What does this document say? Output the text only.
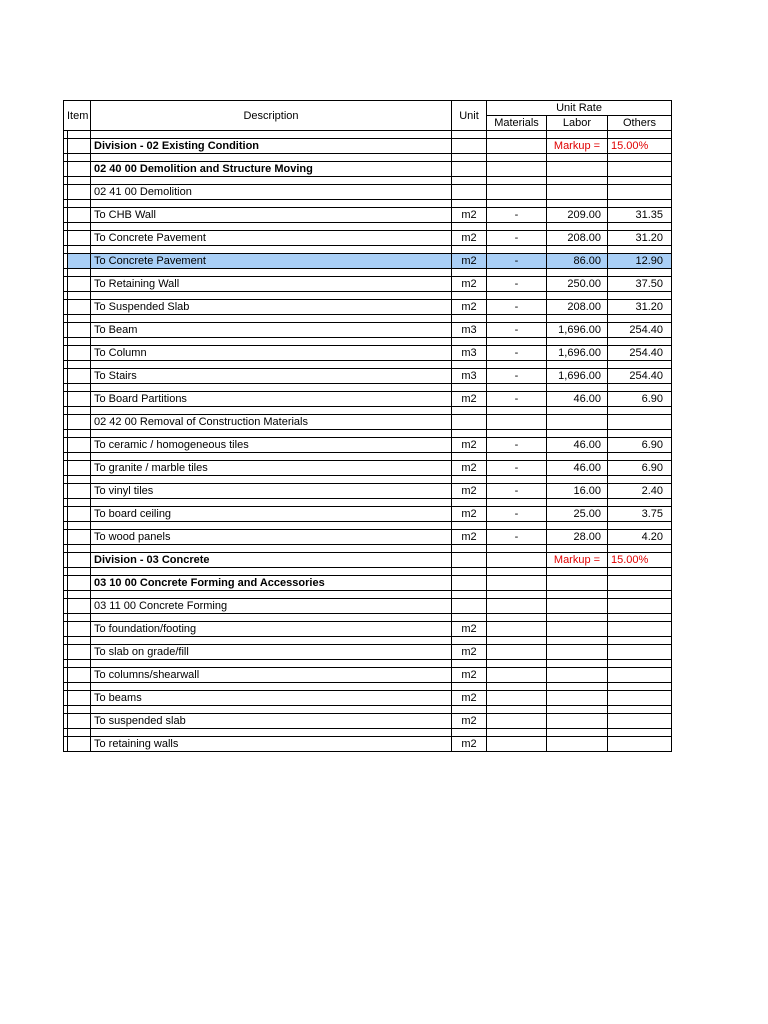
Item	Description	Unit	Unit Rate		
			Materials	Labor	Others

	Division - 02 Existing Condition			Markup =	15.00%

	02 40 00 Demolition and Structure Moving				

	02 41 00 Demolition				

	To CHB Wall	m2	-	209.00	31.35

	To Concrete Pavement	m2	-	208.00	31.20

	To Concrete Pavement	m2	-	86.00	12.90

	To Retaining Wall	m2	-	250.00	37.50

	To Suspended Slab	m2	-	208.00	31.20

	To Beam	m3	-	1,696.00	254.40

	To Column	m3	-	1,696.00	254.40

	To Stairs	m3	-	1,696.00	254.40

	To Board Partitions	m2	-	46.00	6.90

	02 42 00 Removal of Construction Materials				

	To ceramic / homogeneous tiles	m2	-	46.00	6.90

	To granite / marble tiles	m2	-	46.00	6.90

	To vinyl tiles	m2	-	16.00	2.40

	To board ceiling	m2	-	25.00	3.75

	To wood panels	m2	-	28.00	4.20

	Division - 03 Concrete			Markup =	15.00%

	03 10 00 Concrete Forming and Accessories				

	03 11 00 Concrete Forming				

	To foundation/footing	m2			

	To slab on grade/fill	m2			

	To columns/shearwall	m2			

	To beams	m2			

	To suspended slab	m2			

	To retaining walls	m2			
